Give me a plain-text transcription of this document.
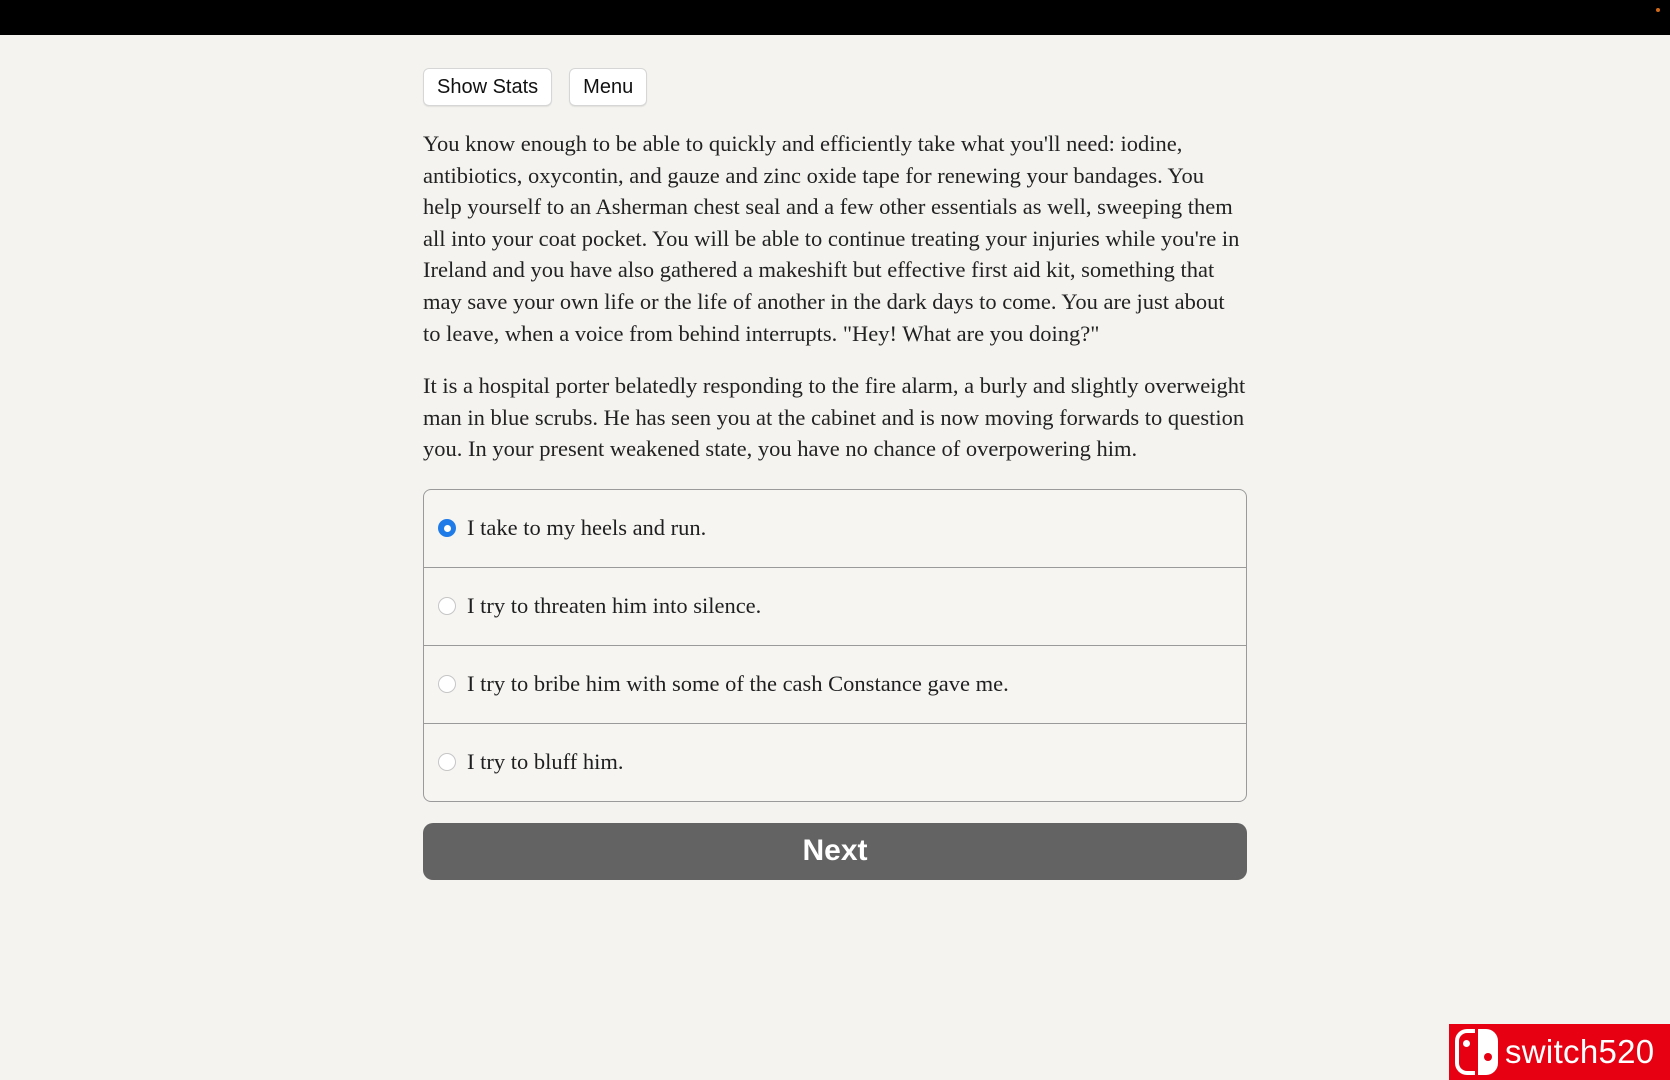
Show Stats	Menu

You know enough to be able to quickly and efficiently take what you'll need: iodine, antibiotics, oxycontin, and gauze and zinc oxide tape for renewing your bandages. You help yourself to an Asherman chest seal and a few other essentials as well, sweeping them all into your coat pocket. You will be able to continue treating your injuries while you're in Ireland and you have also gathered a makeshift but effective first aid kit, something that may save your own life or the life of another in the dark days to come. You are just about to leave, when a voice from behind interrupts. "Hey! What are you doing?"

It is a hospital porter belatedly responding to the fire alarm, a burly and slightly overweight man in blue scrubs. He has seen you at the cabinet and is now moving forwards to question you. In your present weakened state, you have no chance of overpowering him.

I take to my heels and run.
I try to threaten him into silence.
I try to bribe him with some of the cash Constance gave me.
I try to bluff him.
Next
switch520
